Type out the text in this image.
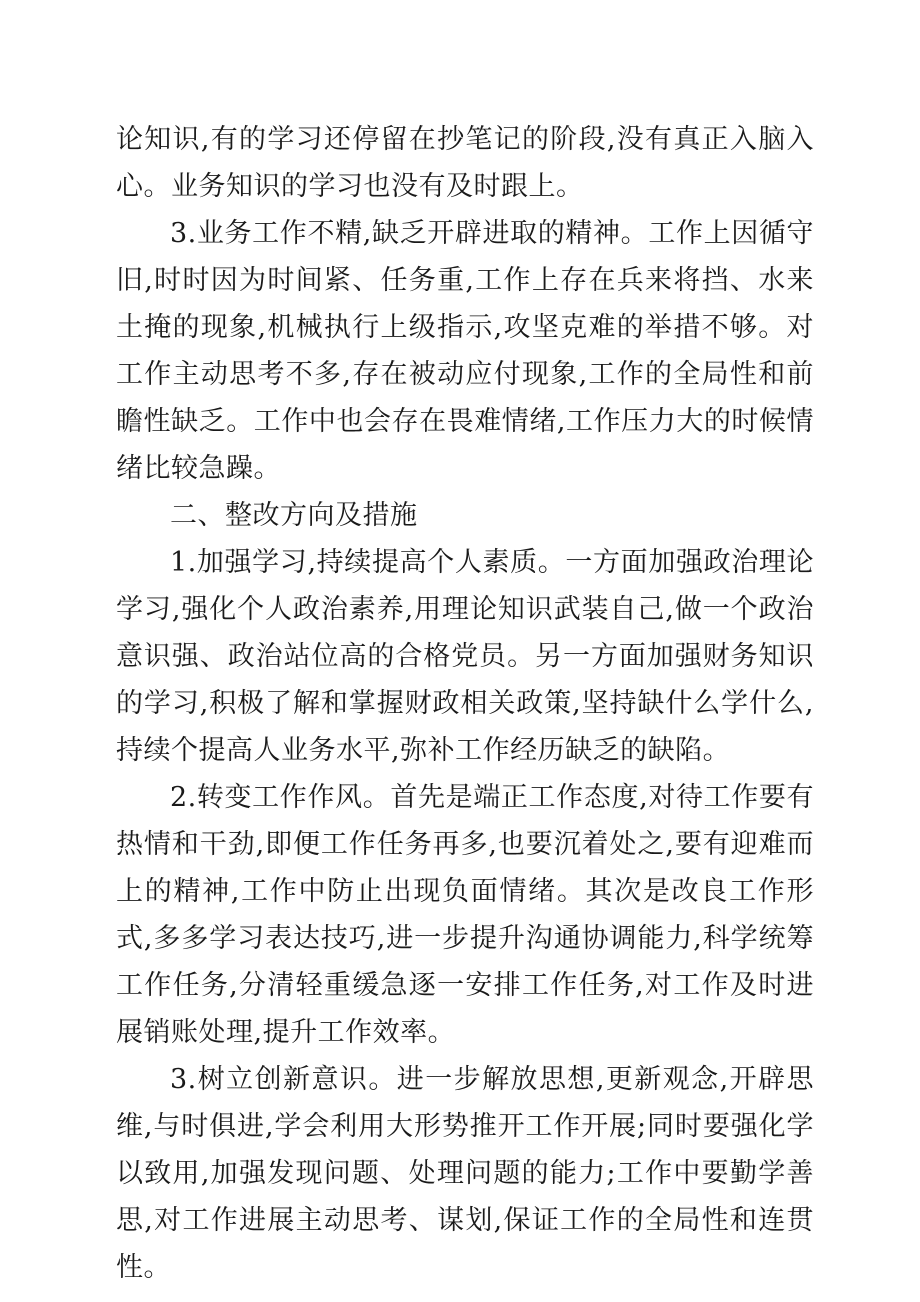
论知识,有的学习还停留在抄笔记的阶段,没有真正入脑入心。业务知识的学习也没有及时跟上。

3.业务工作不精,缺乏开辟进取的精神。工作上因循守旧,时时因为时间紧、任务重,工作上存在兵来将挡、水来土掩的现象,机械执行上级指示,攻坚克难的举措不够。对工作主动思考不多,存在被动应付现象,工作的全局性和前瞻性缺乏。工作中也会存在畏难情绪,工作压力大的时候情绪比较急躁。

二、整改方向及措施

1.加强学习,持续提高个人素质。一方面加强政治理论学习,强化个人政治素养,用理论知识武装自己,做一个政治意识强、政治站位高的合格党员。另一方面加强财务知识的学习,积极了解和掌握财政相关政策,坚持缺什么学什么,持续个提高人业务水平,弥补工作经历缺乏的缺陷。

2.转变工作作风。首先是端正工作态度,对待工作要有热情和干劲,即便工作任务再多,也要沉着处之,要有迎难而上的精神,工作中防止出现负面情绪。其次是改良工作形式,多多学习表达技巧,进一步提升沟通协调能力,科学统筹工作任务,分清轻重缓急逐一安排工作任务,对工作及时进展销账处理,提升工作效率。

3.树立创新意识。进一步解放思想,更新观念,开辟思维,与时俱进,学会利用大形势推开工作开展;同时要强化学以致用,加强发现问题、处理问题的能力;工作中要勤学善思,对工作进展主动思考、谋划,保证工作的全局性和连贯性。
